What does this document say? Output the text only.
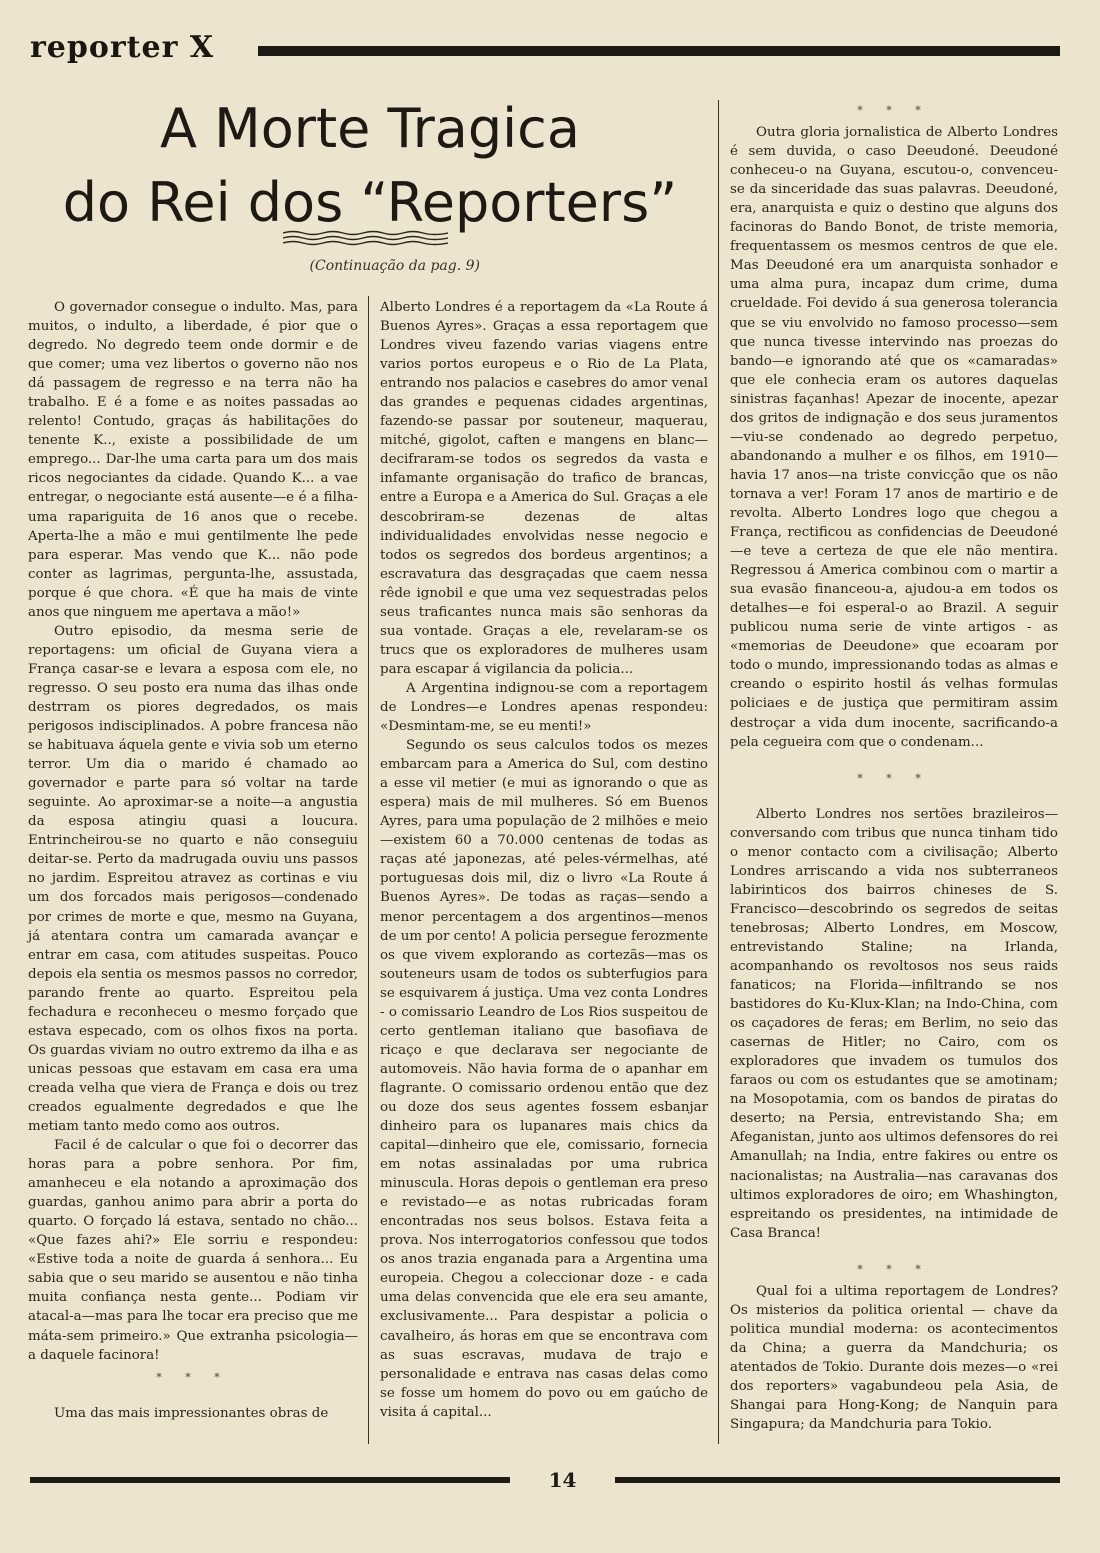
reporter X
A Morte Tragica
do Rei dos “Reporters”
(Continuação da pag. 9)

O governador consegue o indulto. Mas, para muitos, o indulto, a liberdade, é pior que o degredo. No degredo teem onde dormir e de que comer; uma vez libertos o governo não nos dá passagem de regresso e na terra não ha trabalho. E é a fome e as noites passadas ao relento! Contudo, graças ás habilitações do tenente K.., existe a possibilidade de um emprego... Dar-lhe uma carta para um dos mais ricos negociantes da cidade. Quando K... a vae entregar, o negociante está ausente—e é a filha-uma rapariguita de 16 anos que o recebe. Aperta-lhe a mão e mui gentilmente lhe pede para esperar. Mas vendo que K... não pode conter as lagrimas, pergunta-lhe, assustada, porque é que chora. «É que ha mais de vinte anos que ninguem me apertava a mão!»

Outro episodio, da mesma serie de reportagens: um oficial de Guyana viera a França casar-se e levara a esposa com ele, no regresso. O seu posto era numa das ilhas onde destrram os piores degredados, os mais perigosos indisciplinados. A pobre francesa não se habituava áquela gente e vivia sob um eterno terror. Um dia o marido é chamado ao governador e parte para só voltar na tarde seguinte. Ao aproximar-se a noite—a angustia da esposa atingiu quasi a loucura. Entrincheirou-se no quarto e não conseguiu deitar-se. Perto da madrugada ouviu uns passos no jardim. Espreitou atravez as cortinas e viu um dos forcados mais perigosos—condenado por crimes de morte e que, mesmo na Guyana, já atentara contra um camarada avançar e entrar em casa, com atitudes suspeitas. Pouco depois ela sentia os mesmos passos no corredor, parando frente ao quarto. Espreitou pela fechadura e reconheceu o mesmo forçado que estava especado, com os olhos fixos na porta. Os guardas viviam no outro extremo da ilha e as unicas pessoas que estavam em casa era uma creada velha que viera de França e dois ou trez creados egualmente degredados e que lhe metiam tanto medo como aos outros.

Facil é de calcular o que foi o decorrer das horas para a pobre senhora. Por fim, amanheceu e ela notando a aproximação dos guardas, ganhou animo para abrir a porta do quarto. O forçado lá estava, sentado no chão... «Que fazes ahi?» Ele sorriu e respondeu: «Estive toda a noite de guarda á senhora... Eu sabia que o seu marido se ausentou e não tinha muita confiança nesta gente... Podiam vir atacal-a—mas para lhe tocar era preciso que me máta-sem primeiro.» Que extranha psicologia—a daquele facinora!

* * *

Uma das mais impressionantes obras de

Alberto Londres é a reportagem da «La Route á Buenos Ayres». Graças a essa reportagem que Londres viveu fazendo varias viagens entre varios portos europeus e o Rio de La Plata, entrando nos palacios e casebres do amor venal das grandes e pequenas cidades argentinas, fazendo-se passar por souteneur, maquerau, mitché, gigolot, caften e mangens en blanc—decifraram-se todos os segredos da vasta e infamante organisação do trafico de brancas, entre a Europa e a America do Sul. Graças a ele descobriram-se dezenas de altas individualidades envolvidas nesse negocio e todos os segredos dos bordeus argentinos; a escravatura das desgraçadas que caem nessa rêde ignobil e que uma vez sequestradas pelos seus traficantes nunca mais são senhoras da sua vontade. Graças a ele, revelaram-se os trucs que os exploradores de mulheres usam para escapar á vigilancia da policia...

A Argentina indignou-se com a reportagem de Londres—e Londres apenas respondeu: «Desmintam-me, se eu menti!»

Segundo os seus calculos todos os mezes embarcam para a America do Sul, com destino a esse vil metier (e mui as ignorando o que as espera) mais de mil mulheres. Só em Buenos Ayres, para uma população de 2 milhões e meio—existem 60 a 70.000 centenas de todas as raças até japonezas, até peles-vérmelhas, até portuguesas dois mil, diz o livro «La Route á Buenos Ayres». De todas as raças—sendo a menor percentagem a dos argentinos—menos de um por cento! A policia persegue ferozmente os que vivem explorando as cortezãs—mas os souteneurs usam de todos os subterfugios para se esquivarem á justiça. Uma vez conta Londres - o comissario Leandro de Los Rios suspeitou de certo gentleman italiano que basofiava de ricaço e que declarava ser negociante de automoveis. Não havia forma de o apanhar em flagrante. O comissario ordenou então que dez ou doze dos seus agentes fossem esbanjar dinheiro para os lupanares mais chics da capital—dinheiro que ele, comissario, fornecia em notas assinaladas por uma rubrica minuscula. Horas depois o gentleman era preso e revistado—e as notas rubricadas foram encontradas nos seus bolsos. Estava feita a prova. Nos interrogatorios confessou que todos os anos trazia enganada para a Argentina uma europeia. Chegou a coleccionar doze - e cada uma delas convencida que ele era seu amante, exclusivamente... Para despistar a policia o cavalheiro, ás horas em que se encontrava com as suas escravas, mudava de trajo e personalidade e entrava nas casas delas como se fosse um homem do povo ou em gaúcho de visita á capital...

* * *

Outra gloria jornalistica de Alberto Londres é sem duvida, o caso Deeudoné. Deeudoné conheceu-o na Guyana, escutou-o, convenceu-se da sinceridade das suas palavras. Deeudoné, era, anarquista e quiz o destino que alguns dos facinoras do Bando Bonot, de triste memoria, frequentassem os mesmos centros de que ele. Mas Deeudoné era um anarquista sonhador e uma alma pura, incapaz dum crime, duma crueldade. Foi devido á sua generosa tolerancia que se viu envolvido no famoso processo—sem que nunca tivesse intervindo nas proezas do bando—e ignorando até que os «camaradas» que ele conhecia eram os autores daquelas sinistras façanhas! Apezar de inocente, apezar dos gritos de indignação e dos seus juramentos—viu-se condenado ao degredo perpetuo, abandonando a mulher e os filhos, em 1910—havia 17 anos—na triste convicção que os não tornava a ver! Foram 17 anos de martirio e de revolta. Alberto Londres logo que chegou a França, rectificou as confidencias de Deeudoné—e teve a certeza de que ele não mentira. Regressou á America combinou com o martir a sua evasão financeou-a, ajudou-a em todos os detalhes—e foi esperal-o ao Brazil. A seguir publicou numa serie de vinte artigos - as «memorias de Deeudone» que ecoaram por todo o mundo, impressionando todas as almas e creando o espirito hostil ás velhas formulas policiaes e de justiça que permitiram assim destroçar a vida dum inocente, sacrificando-a pela cegueira com que o condenam...

* * *

Alberto Londres nos sertões brazileiros—conversando com tribus que nunca tinham tido o menor contacto com a civilisação; Alberto Londres arriscando a vida nos subterraneos labirinticos dos bairros chineses de S. Francisco—descobrindo os segredos de seitas tenebrosas; Alberto Londres, em Moscow, entrevistando Staline; na Irlanda, acompanhando os revoltosos nos seus raids fanaticos; na Florida—infiltrando se nos bastidores do Ku-Klux-Klan; na Indo-China, com os caçadores de feras; em Berlim, no seio das casernas de Hitler; no Cairo, com os exploradores que invadem os tumulos dos faraos ou com os estudantes que se amotinam; na Mosopotamia, com os bandos de piratas do deserto; na Persia, entrevistando Sha; em Afeganistan, junto aos ultimos defensores do rei Amanullah; na India, entre fakires ou entre os nacionalistas; na Australia—nas caravanas dos ultimos exploradores de oiro; em Whashington, espreitando os presidentes, na intimidade de Casa Branca!

* * *

Qual foi a ultima reportagem de Londres? Os misterios da politica oriental — chave da politica mundial moderna: os acontecimentos da China; a guerra da Mandchuria; os atentados de Tokio. Durante dois mezes—o «rei dos reporters» vagabundeou pela Asia, de Shangai para Hong-Kong; de Nanquin para Singapura; da Mandchuria para Tokio.

14
